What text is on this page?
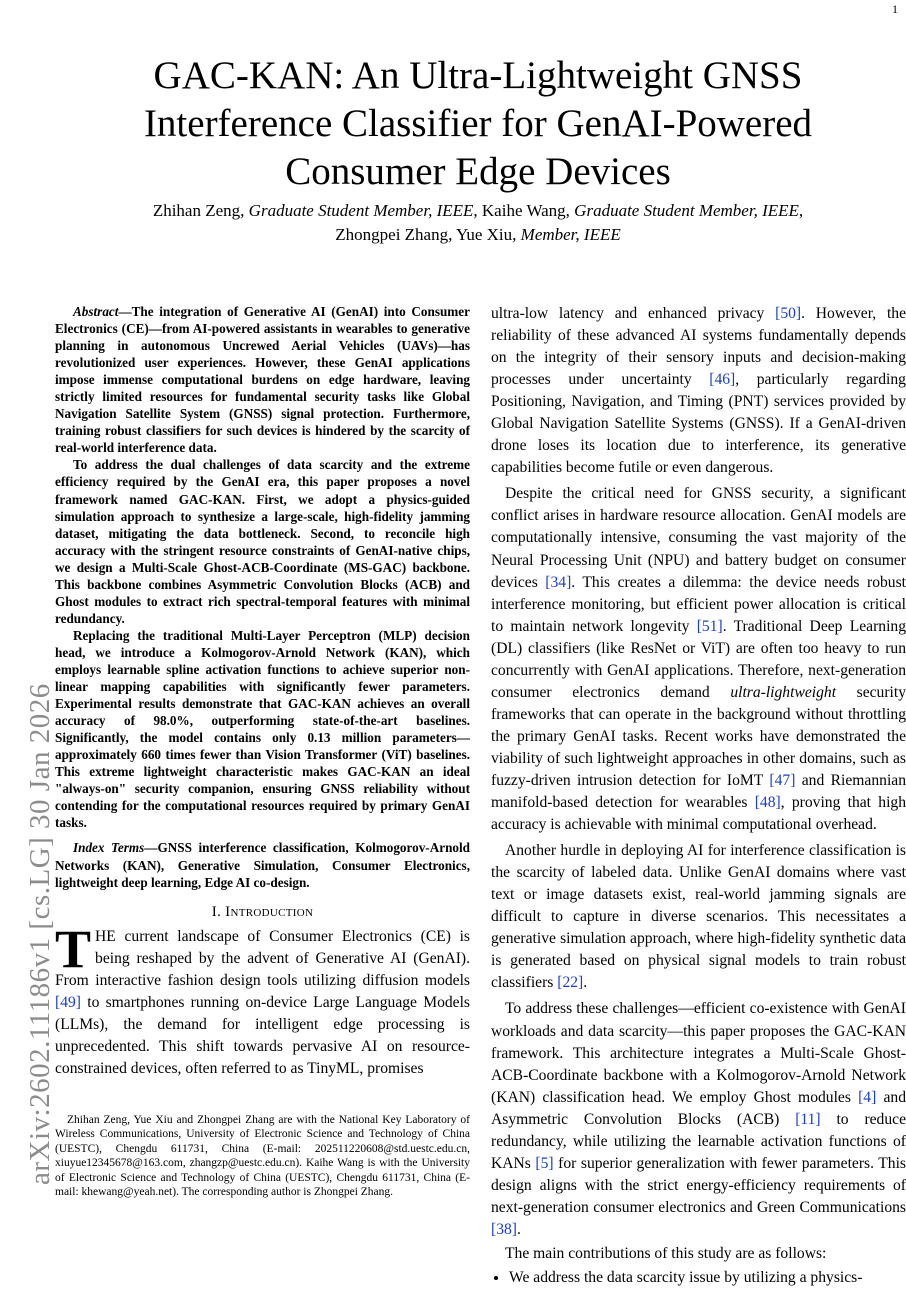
1
arXiv:2602.11186v1 [cs.LG] 30 Jan 2026
GAC-KAN: An Ultra-Lightweight GNSS
Interference Classifier for GenAI-Powered
Consumer Edge Devices
Zhihan Zeng, Graduate Student Member, IEEE, Kaihe Wang, Graduate Student Member, IEEE,
Zhongpei Zhang, Yue Xiu, Member, IEEE

Abstract—The integration of Generative AI (GenAI) into Consumer Electronics (CE)—from AI-powered assistants in wearables to generative planning in autonomous Uncrewed Aerial Vehicles (UAVs)—has revolutionized user experiences. However, these GenAI applications impose immense computational burdens on edge hardware, leaving strictly limited resources for fundamental security tasks like Global Navigation Satellite System (GNSS) signal protection. Furthermore, training robust classifiers for such devices is hindered by the scarcity of real-world interference data.

To address the dual challenges of data scarcity and the extreme efficiency required by the GenAI era, this paper proposes a novel framework named GAC-KAN. First, we adopt a physics-guided simulation approach to synthesize a large-scale, high-fidelity jamming dataset, mitigating the data bottleneck. Second, to reconcile high accuracy with the stringent resource constraints of GenAI-native chips, we design a Multi-Scale Ghost-ACB-Coordinate (MS-GAC) backbone. This backbone combines Asymmetric Convolution Blocks (ACB) and Ghost modules to extract rich spectral-temporal features with minimal redundancy.

Replacing the traditional Multi-Layer Perceptron (MLP) decision head, we introduce a Kolmogorov-Arnold Network (KAN), which employs learnable spline activation functions to achieve superior non-linear mapping capabilities with significantly fewer parameters. Experimental results demonstrate that GAC-KAN achieves an overall accuracy of 98.0%, outperforming state-of-the-art baselines. Significantly, the model contains only 0.13 million parameters—approximately 660 times fewer than Vision Transformer (ViT) baselines. This extreme lightweight characteristic makes GAC-KAN an ideal "always-on" security companion, ensuring GNSS reliability without contending for the computational resources required by primary GenAI tasks.

Index Terms—GNSS interference classification, Kolmogorov-Arnold Networks (KAN), Generative Simulation, Consumer Electronics, lightweight deep learning, Edge AI co-design.

I. Introduction

THE current landscape of Consumer Electronics (CE) is being reshaped by the advent of Generative AI (GenAI). From interactive fashion design tools utilizing diffusion models [49] to smartphones running on-device Large Language Models (LLMs), the demand for intelligent edge processing is unprecedented. This shift towards pervasive AI on resource-constrained devices, often referred to as TinyML, promises

Zhihan Zeng, Yue Xiu and Zhongpei Zhang are with the National Key Laboratory of Wireless Communications, University of Electronic Science and Technology of China (UESTC), Chengdu 611731, China (E-mail: 202511220608@std.uestc.edu.cn, xiuyue12345678@163.com, zhangzp@uestc.edu.cn). Kaihe Wang is with the University of Electronic Science and Technology of China (UESTC), Chengdu 611731, China (E-mail: khewang@yeah.net). The corresponding author is Zhongpei Zhang.

ultra-low latency and enhanced privacy [50]. However, the reliability of these advanced AI systems fundamentally depends on the integrity of their sensory inputs and decision-making processes under uncertainty [46], particularly regarding Positioning, Navigation, and Timing (PNT) services provided by Global Navigation Satellite Systems (GNSS). If a GenAI-driven drone loses its location due to interference, its generative capabilities become futile or even dangerous.

Despite the critical need for GNSS security, a significant conflict arises in hardware resource allocation. GenAI models are computationally intensive, consuming the vast majority of the Neural Processing Unit (NPU) and battery budget on consumer devices [34]. This creates a dilemma: the device needs robust interference monitoring, but efficient power allocation is critical to maintain network longevity [51]. Traditional Deep Learning (DL) classifiers (like ResNet or ViT) are often too heavy to run concurrently with GenAI applications. Therefore, next-generation consumer electronics demand ultra-lightweight security frameworks that can operate in the background without throttling the primary GenAI tasks. Recent works have demonstrated the viability of such lightweight approaches in other domains, such as fuzzy-driven intrusion detection for IoMT [47] and Riemannian manifold-based detection for wearables [48], proving that high accuracy is achievable with minimal computational overhead.

Another hurdle in deploying AI for interference classification is the scarcity of labeled data. Unlike GenAI domains where vast text or image datasets exist, real-world jamming signals are difficult to capture in diverse scenarios. This necessitates a generative simulation approach, where high-fidelity synthetic data is generated based on physical signal models to train robust classifiers [22].

To address these challenges—efficient co-existence with GenAI workloads and data scarcity—this paper proposes the GAC-KAN framework. This architecture integrates a Multi-Scale Ghost-ACB-Coordinate backbone with a Kolmogorov-Arnold Network (KAN) classification head. We employ Ghost modules [4] and Asymmetric Convolution Blocks (ACB) [11] to reduce redundancy, while utilizing the learnable activation functions of KANs [5] for superior generalization with fewer parameters. This design aligns with the strict energy-efficiency requirements of next-generation consumer electronics and Green Communications [38].

The main contributions of this study are as follows:

• We address the data scarcity issue by utilizing a physics-
